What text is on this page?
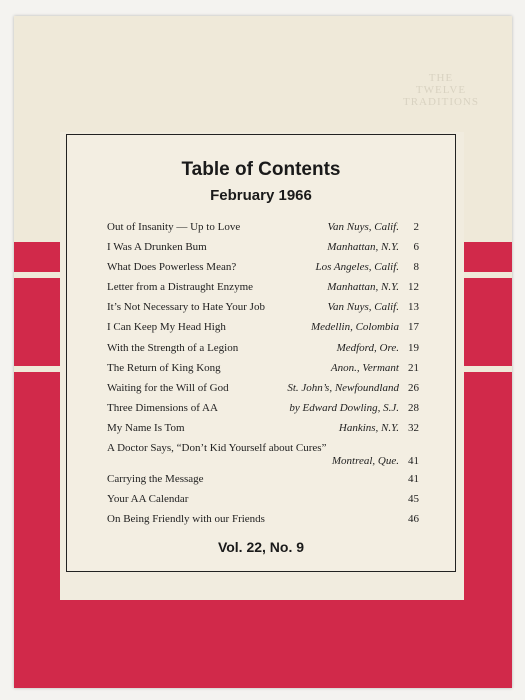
THE
TWELVE
TRADITIONS
Table of Contents
February 1966
Out of Insanity — Up to Love	Van Nuys, Calif.	2
I Was A Drunken Bum	Manhattan, N.Y.	6
What Does Powerless Mean?	Los Angeles, Calif.	8
Letter from a Distraught Enzyme	Manhattan, N.Y. 12
It’s Not Necessary to Hate Your Job	Van Nuys, Calif. 13
I Can Keep My Head High	Medellin, Colombia 17
With the Strength of a Legion	Medford, Ore. 19
The Return of King Kong	Anon., Vermant 21
Waiting for the Will of God	St. John’s, Newfoundland 26
Three Dimensions of AA	by Edward Dowling, S.J. 28
My Name Is Tom	Hankins, N.Y. 32
A Doctor Says, “Don’t Kid Yourself about Cures”
Montreal, Que. 41
Carrying the Message	41
Your AA Calendar	45
On Being Friendly with our Friends	46
Vol. 22, No. 9
